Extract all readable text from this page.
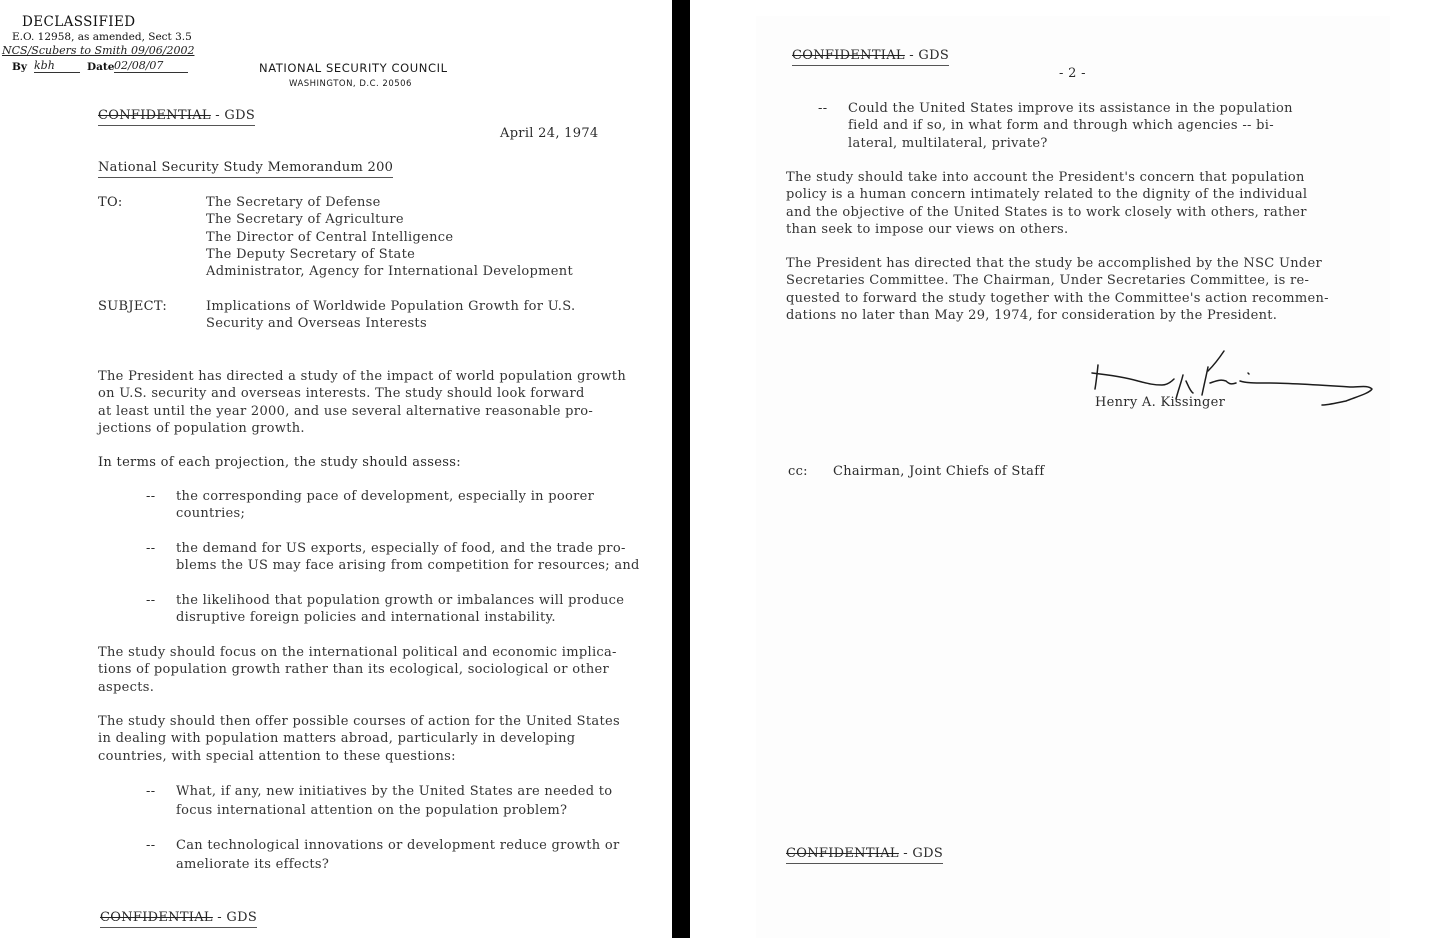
DECLASSIFIED
E.O. 12958, as amended, Sect 3.5
NCS/Scubers to Smith 09/06/2002
By kbh	Date 02/08/07	NATIONAL SECURITY COUNCIL
WASHINGTON, D.C. 20506
CONFIDENTIAL - GDS
April 24, 1974
National Security Study Memorandum 200
TO:	The Secretary of Defense
The Secretary of Agriculture
The Director of Central Intelligence
The Deputy Secretary of State
Administrator, Agency for International Development
SUBJECT:	Implications of Worldwide Population Growth for U.S.
Security and Overseas Interests
The President has directed a study of the impact of world population growth
on U.S. security and overseas interests. The study should look forward
at least until the year 2000, and use several alternative reasonable pro-
jections of population growth.
In terms of each projection, the study should assess:
-- the corresponding pace of development, especially in poorer
countries;
-- the demand for US exports, especially of food, and the trade pro-
blems the US may face arising from competition for resources; and
-- the likelihood that population growth or imbalances will produce
disruptive foreign policies and international instability.
The study should focus on the international political and economic implica-
tions of population growth rather than its ecological, sociological or other
aspects.
The study should then offer possible courses of action for the United States
in dealing with population matters abroad, particularly in developing
countries, with special attention to these questions:
-- What, if any, new initiatives by the United States are needed to
focus international attention on the population problem?
-- Can technological innovations or development reduce growth or
ameliorate its effects?
CONFIDENTIAL - GDS
CONFIDENTIAL - GDS
- 2 -
-- Could the United States improve its assistance in the population
field and if so, in what form and through which agencies -- bi-
lateral, multilateral, private?
The study should take into account the President's concern that population
policy is a human concern intimately related to the dignity of the individual
and the objective of the United States is to work closely with others, rather
than seek to impose our views on others.
The President has directed that the study be accomplished by the NSC Under
Secretaries Committee. The Chairman, Under Secretaries Committee, is re-
quested to forward the study together with the Committee's action recommen-
dations no later than May 29, 1974, for consideration by the President.
Henry A. Kissinger
cc: Chairman, Joint Chiefs of Staff
CONFIDENTIAL - GDS
